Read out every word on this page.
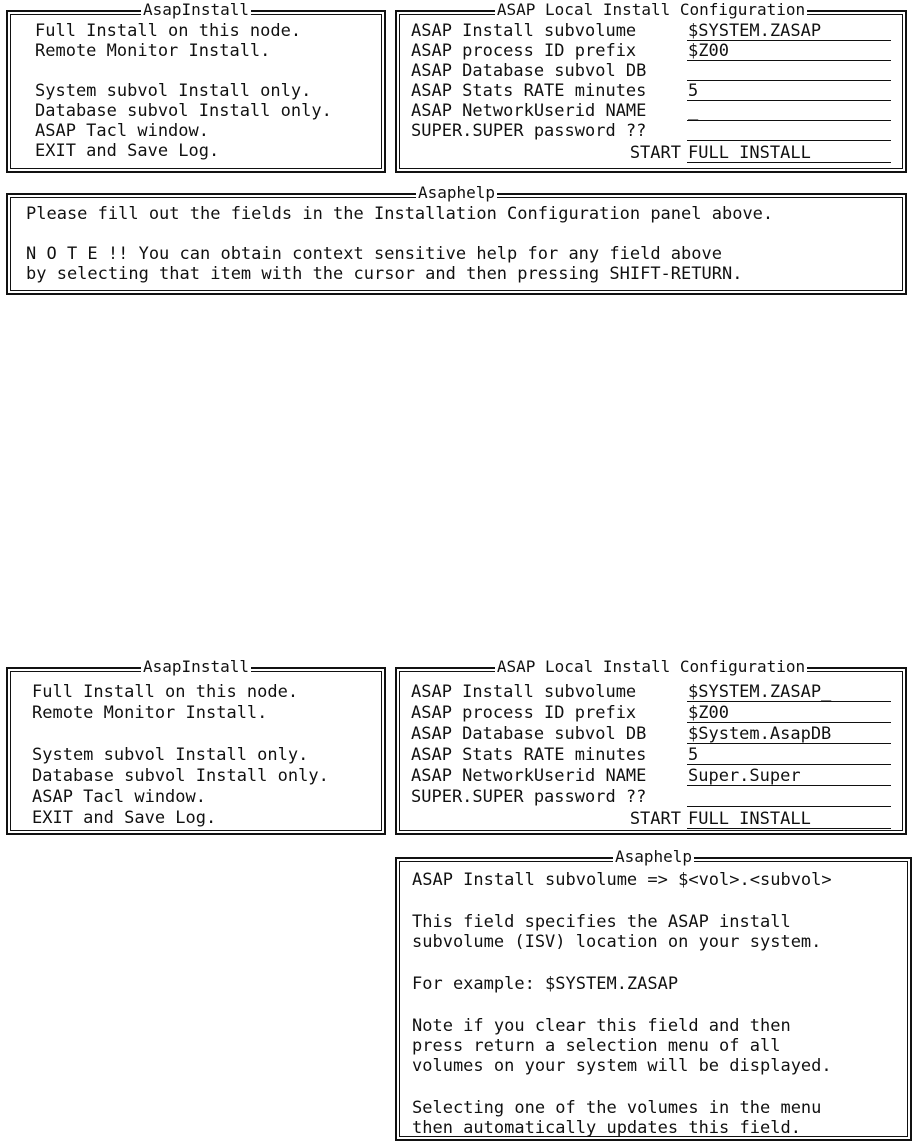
AsapInstall
Full Install on this node.
Remote Monitor Install.
System subvol Install only.
Database subvol Install only.
ASAP Tacl window.
EXIT and Save Log.
ASAP Local Install Configuration
ASAP Install subvolume	$SYSTEM.ZASAP
ASAP process ID prefix	$Z00
ASAP Database subvol DB
ASAP Stats RATE minutes	5
ASAP NetworkUserid NAME	_
SUPER.SUPER password ??
START FULL INSTALL
Asaphelp
Please fill out the fields in the Installation Configuration panel above.
N O T E !! You can obtain context sensitive help for any field above
by selecting that item with the cursor and then pressing SHIFT-RETURN.
AsapInstall
Full Install on this node.
Remote Monitor Install.
System subvol Install only.
Database subvol Install only.
ASAP Tacl window.
EXIT and Save Log.
ASAP Local Install Configuration
ASAP Install subvolume	$SYSTEM.ZASAP_
ASAP process ID prefix	$Z00
ASAP Database subvol DB	$System.AsapDB
ASAP Stats RATE minutes	5
ASAP NetworkUserid NAME	Super.Super
SUPER.SUPER password ??
START FULL INSTALL
Asaphelp
ASAP Install subvolume => $<vol>.<subvol>
This field specifies the ASAP install
subvolume (ISV) location on your system.
For example: $SYSTEM.ZASAP
Note if you clear this field and then
press return a selection menu of all
volumes on your system will be displayed.
Selecting one of the volumes in the menu
then automatically updates this field.
